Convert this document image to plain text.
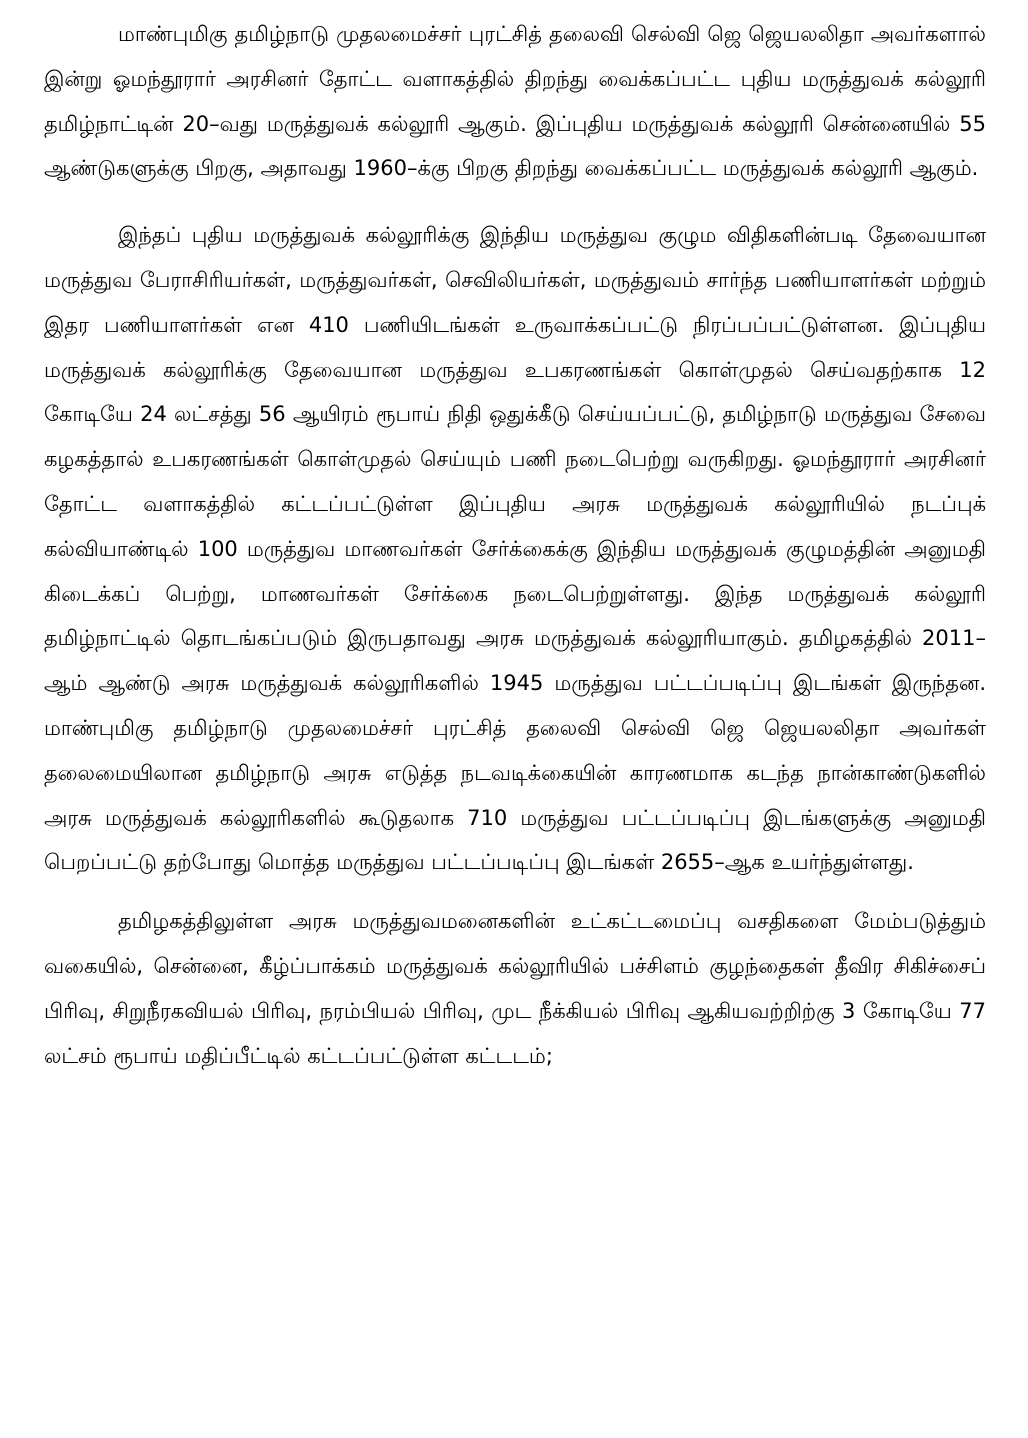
மாண்புமிகு தமிழ்நாடு முதலமைச்சர் புரட்சித் தலைவி செல்வி ஜெ ஜெயலலிதா அவர்களால் இன்று ஓமந்தூரார் அரசினர் தோட்ட வளாகத்தில் திறந்து வைக்கப்பட்ட புதிய மருத்துவக் கல்லூரி தமிழ்நாட்டின் 20–வது மருத்துவக் கல்லூரி ஆகும். இப்புதிய மருத்துவக் கல்லூரி சென்னையில் 55 ஆண்டுகளுக்கு பிறகு, அதாவது 1960–க்கு பிறகு திறந்து வைக்கப்பட்ட மருத்துவக் கல்லூரி ஆகும்.

இந்தப் புதிய மருத்துவக் கல்லூரிக்கு இந்திய மருத்துவ குழும விதிகளின்படி தேவையான மருத்துவ பேராசிரியர்கள், மருத்துவர்கள், செவிலியர்கள், மருத்துவம் சார்ந்த பணியாளர்கள் மற்றும் இதர பணியாளர்கள் என 410 பணியிடங்கள் உருவாக்கப்பட்டு நிரப்பப்பட்டுள்ளன. இப்புதிய மருத்துவக் கல்லூரிக்கு தேவையான மருத்துவ உபகரணங்கள் கொள்முதல் செய்வதற்காக 12 கோடியே 24 லட்சத்து 56 ஆயிரம் ரூபாய் நிதி ஒதுக்கீடு செய்யப்பட்டு, தமிழ்நாடு மருத்துவ சேவை கழகத்தால் உபகரணங்கள் கொள்முதல் செய்யும் பணி நடைபெற்று வருகிறது. ஓமந்தூரார் அரசினர் தோட்ட வளாகத்தில் கட்டப்பட்டுள்ள இப்புதிய அரசு மருத்துவக் கல்லூரியில் நடப்புக் கல்வியாண்டில் 100 மருத்துவ மாணவர்கள் சேர்க்கைக்கு இந்திய மருத்துவக் குழுமத்தின் அனுமதி கிடைக்கப் பெற்று, மாணவர்கள் சேர்க்கை நடைபெற்றுள்ளது. இந்த மருத்துவக் கல்லூரி தமிழ்நாட்டில் தொடங்கப்படும் இருபதாவது அரசு மருத்துவக் கல்லூரியாகும். தமிழகத்தில் 2011–ஆம் ஆண்டு அரசு மருத்துவக் கல்லூரிகளில் 1945 மருத்துவ பட்டப்படிப்பு இடங்கள் இருந்தன. மாண்புமிகு தமிழ்நாடு முதலமைச்சர் புரட்சித் தலைவி செல்வி ஜெ ஜெயலலிதா அவர்கள் தலைமையிலான தமிழ்நாடு அரசு எடுத்த நடவடிக்கையின் காரணமாக கடந்த நான்காண்டுகளில் அரசு மருத்துவக் கல்லூரிகளில் கூடுதலாக 710 மருத்துவ பட்டப்படிப்பு இடங்களுக்கு அனுமதி பெறப்பட்டு தற்போது மொத்த மருத்துவ பட்டப்படிப்பு இடங்கள் 2655–ஆக உயர்ந்துள்ளது.

தமிழகத்திலுள்ள அரசு மருத்துவமனைகளின் உட்கட்டமைப்பு வசதிகளை மேம்படுத்தும் வகையில், சென்னை, கீழ்ப்பாக்கம் மருத்துவக் கல்லூரியில் பச்சிளம் குழந்தைகள் தீவிர சிகிச்சைப் பிரிவு, சிறுநீரகவியல் பிரிவு, நரம்பியல் பிரிவு, முட நீக்கியல் பிரிவு ஆகியவற்றிற்கு 3 கோடியே 77 லட்சம் ரூபாய் மதிப்பீட்டில் கட்டப்பட்டுள்ள கட்டடம்;
